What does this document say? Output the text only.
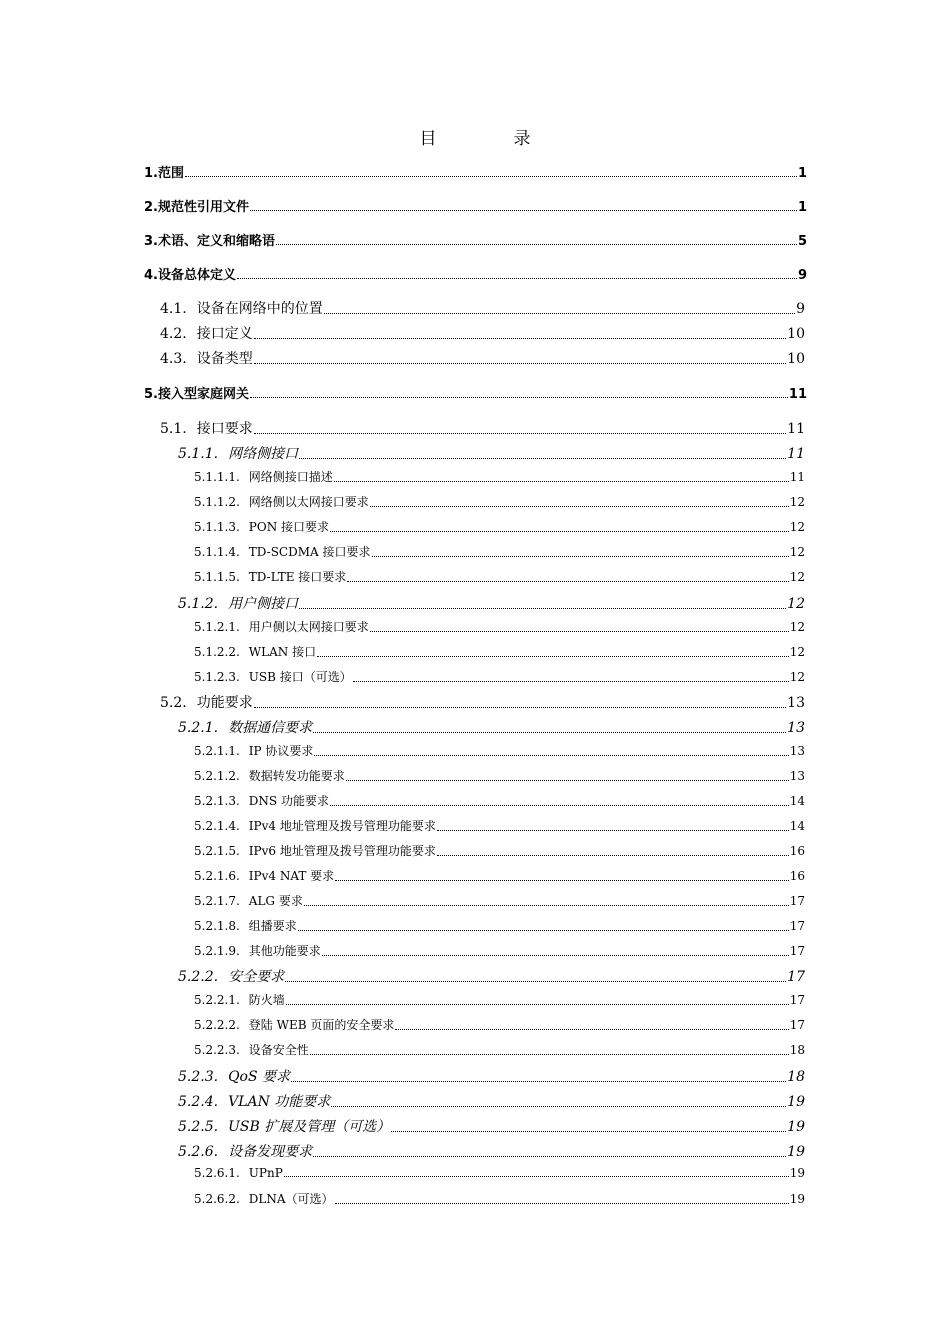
目　录
1.范围	1
2.规范性引用文件	1
3.术语、定义和缩略语	5
4.设备总体定义	9
4.1. 设备在网络中的位置	9
4.2. 接口定义	10
4.3. 设备类型	10
5.接入型家庭网关	11
5.1. 接口要求	11
5.1.1. 网络侧接口	11
5.1.1.1. 网络侧接口描述	11
5.1.1.2. 网络侧以太网接口要求	12
5.1.1.3. PON 接口要求	12
5.1.1.4. TD-SCDMA 接口要求	12
5.1.1.5. TD-LTE 接口要求	12
5.1.2. 用户侧接口	12
5.1.2.1. 用户侧以太网接口要求	12
5.1.2.2. WLAN 接口	12
5.1.2.3. USB 接口（可选）	12
5.2. 功能要求	13
5.2.1. 数据通信要求	13
5.2.1.1. IP 协议要求	13
5.2.1.2. 数据转发功能要求	13
5.2.1.3. DNS 功能要求	14
5.2.1.4. IPv4 地址管理及拨号管理功能要求	14
5.2.1.5. IPv6 地址管理及拨号管理功能要求	16
5.2.1.6. IPv4 NAT 要求	16
5.2.1.7. ALG 要求	17
5.2.1.8. 组播要求	17
5.2.1.9. 其他功能要求	17
5.2.2. 安全要求	17
5.2.2.1. 防火墙	17
5.2.2.2. 登陆 WEB 页面的安全要求	17
5.2.2.3. 设备安全性	18
5.2.3. QoS 要求	18
5.2.4. VLAN 功能要求	19
5.2.5. USB 扩展及管理（可选）	19
5.2.6. 设备发现要求	19
5.2.6.1. UPnP	19
5.2.6.2. DLNA（可选）	19
